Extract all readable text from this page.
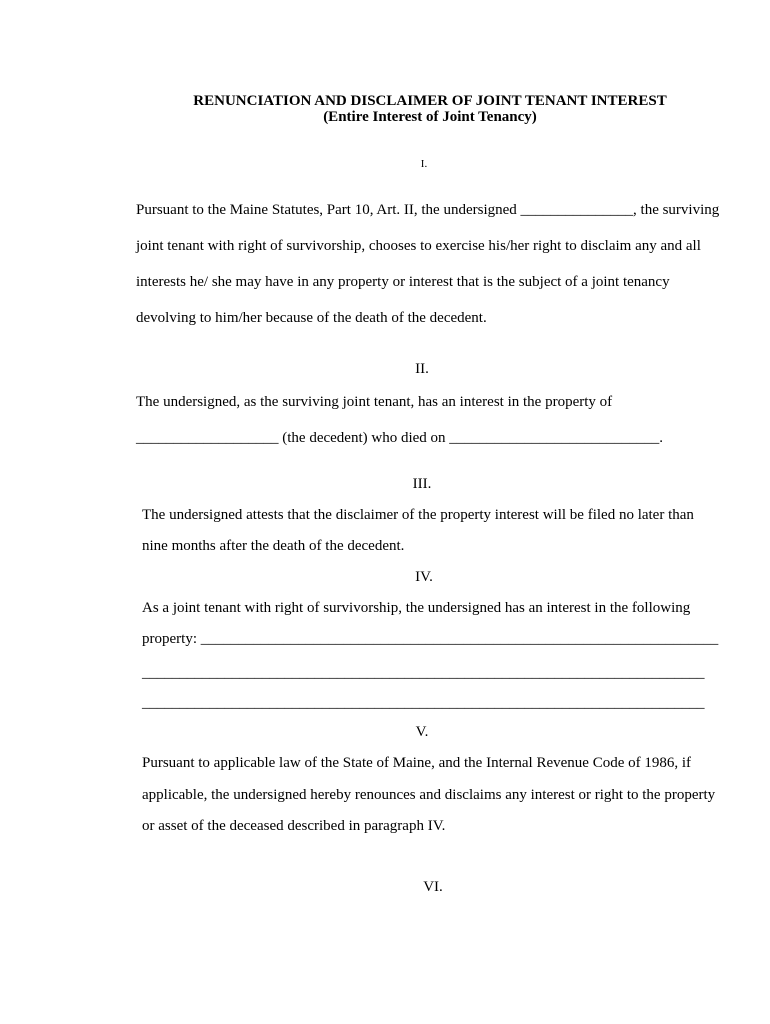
RENUNCIATION AND DISCLAIMER OF JOINT TENANT INTEREST
(Entire Interest of Joint Tenancy)
I.
Pursuant to the Maine Statutes, Part 10, Art. II, the undersigned _______________, the surviving
joint tenant with right of survivorship, chooses to exercise his/her right to disclaim any and all
interests he/ she may have in any property or interest that is the subject of a joint tenancy
devolving to him/her because of the death of the decedent.
II.
The undersigned, as the surviving joint tenant, has an interest in the property of
___________________ (the decedent) who died on ____________________________.
III.
The undersigned attests that the disclaimer of the property interest will be filed no later than
nine months after the death of the decedent.
IV.
As a joint tenant with right of survivorship, the undersigned has an interest in the following
property: _____________________________________________________________________
___________________________________________________________________________
___________________________________________________________________________
V.
Pursuant to applicable law of the State of Maine, and the Internal Revenue Code of 1986, if
applicable, the undersigned hereby renounces and disclaims any interest or right to the property
or asset of the deceased described in paragraph IV.
VI.
